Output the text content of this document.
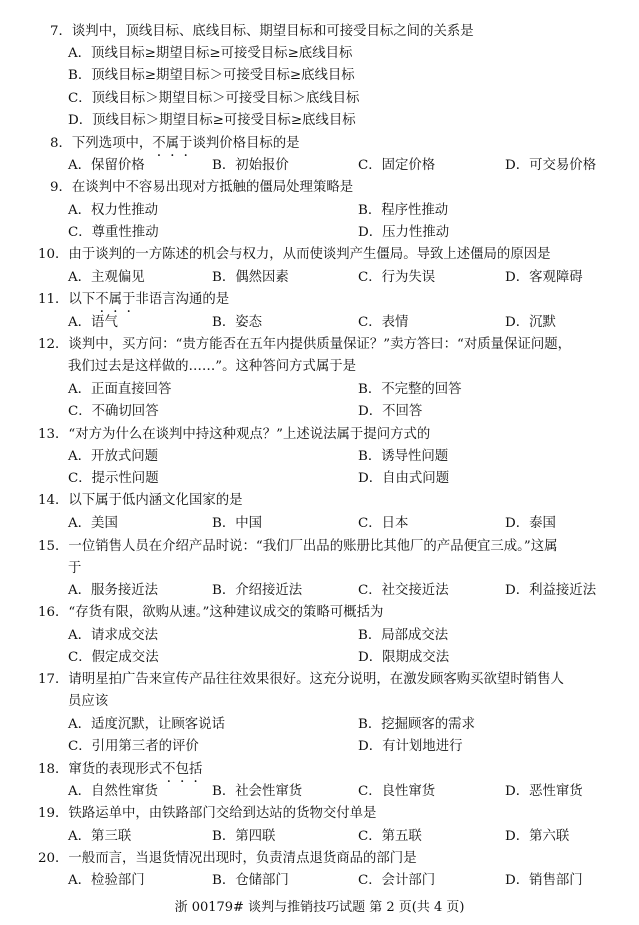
7．谈判中，顶线目标、底线目标、期望目标和可接受目标之间的关系是
A．顶线目标≥期望目标≥可接受目标≥底线目标
B．顶线目标≥期望目标＞可接受目标≥底线目标
C．顶线目标＞期望目标＞可接受目标＞底线目标
D．顶线目标＞期望目标≥可接受目标≥底线目标
8．下列选项中，不属于谈判价格目标的是
A．保留价格	B．初始报价	C．固定价格	D．可交易价格
9．在谈判中不容易出现对方抵触的僵局处理策略是
A．权力性推动	B．程序性推动
C．尊重性推动	D．压力性推动
10．由于谈判的一方陈述的机会与权力，从而使谈判产生僵局。导致上述僵局的原因是
A．主观偏见	B．偶然因素	C．行为失误	D．客观障碍
11．以下不属于非语言沟通的是
A．语气	B．姿态	C．表情	D．沉默
12．谈判中，买方问：“贵方能否在五年内提供质量保证？”卖方答曰：“对质量保证问题，
我们过去是这样做的……”。这种答问方式属于是
A．正面直接回答	B．不完整的回答
C．不确切回答	D．不回答
13．“对方为什么在谈判中持这种观点？”上述说法属于提问方式的
A．开放式问题	B．诱导性问题
C．提示性问题	D．自由式问题
14．以下属于低内涵文化国家的是
A．美国	B．中国	C．日本	D．泰国
15．一位销售人员在介绍产品时说：“我们厂出品的账册比其他厂的产品便宜三成。”这属
于
A．服务接近法	B．介绍接近法	C．社交接近法	D．利益接近法
16．“存货有限，欲购从速。”这种建议成交的策略可概括为
A．请求成交法	B．局部成交法
C．假定成交法	D．限期成交法
17．请明星拍广告来宣传产品往往效果很好。这充分说明，在激发顾客购买欲望时销售人
员应该
A．适度沉默，让顾客说话	B．挖掘顾客的需求
C．引用第三者的评价	D．有计划地进行
18．窜货的表现形式不包括
A．自然性窜货	B．社会性窜货	C．良性窜货	D．恶性窜货
19．铁路运单中，由铁路部门交给到达站的货物交付单是
A．第三联	B．第四联	C．第五联	D．第六联
20．一般而言，当退货情况出现时，负责清点退货商品的部门是
A．检验部门	B．仓储部门	C．会计部门	D．销售部门
浙 00179# 谈判与推销技巧试题 第 2 页(共 4 页)
